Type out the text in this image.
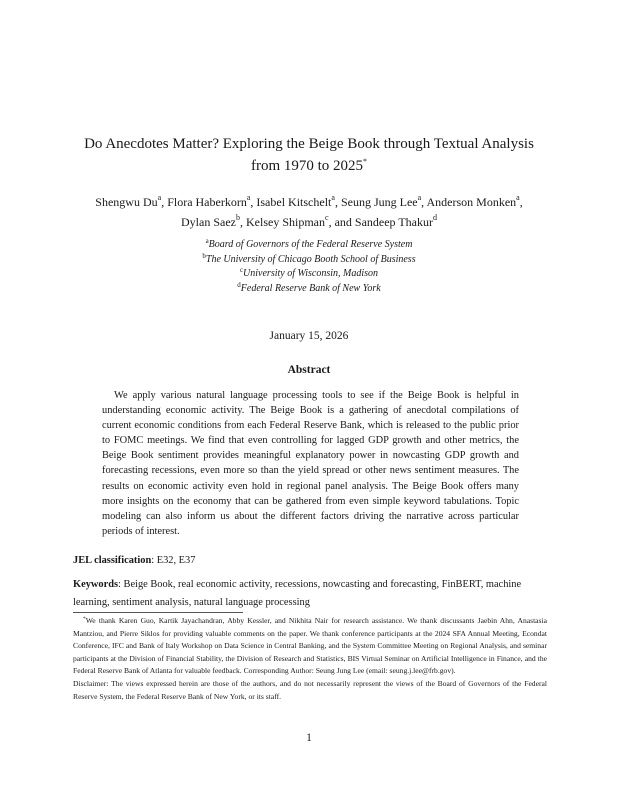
Do Anecdotes Matter? Exploring the Beige Book through Textual Analysis
from 1970 to 2025*
Shengwu Du$^a$, Flora Haberkorn$^a$, Isabel Kitschelt$^a$, Seung Jung Lee$^a$, Anderson Monken$^a$,
Dylan Saez$^b$, Kelsey Shipman$^c$, and Sandeep Thakur$^d$
$^a$Board of Governors of the Federal Reserve System
$^b$The University of Chicago Booth School of Business
$^c$University of Wisconsin, Madison
$^d$Federal Reserve Bank of New York
January 15, 2026
Abstract
We apply various natural language processing tools to see if the Beige Book is helpful in understanding economic activity. The Beige Book is a gathering of anecdotal compilations of current economic conditions from each Federal Reserve Bank, which is released to the public prior to FOMC meetings. We find that even controlling for lagged GDP growth and other metrics, the Beige Book sentiment provides meaningful explanatory power in nowcasting GDP growth and forecasting recessions, even more so than the yield spread or other news sentiment measures. The results on economic activity even hold in regional panel analysis. The Beige Book offers many more insights on the economy that can be gathered from even simple keyword tabulations. Topic modeling can also inform us about the different factors driving the narrative across particular periods of interest.
JEL classification: E32, E37
Keywords: Beige Book, real economic activity, recessions, nowcasting and forecasting, FinBERT, machine learning, sentiment analysis, natural language processing
*We thank Karen Guo, Kartik Jayachandran, Abby Kessler, and Nikhita Nair for research assistance. We thank discussants Jaebin Ahn, Anastasia Mantziou, and Pierre Siklos for providing valuable comments on the paper. We thank conference participants at the 2024 SFA Annual Meeting, Econdat Conference, IFC and Bank of Italy Workshop on Data Science in Central Banking, and the System Committee Meeting on Regional Analysis, and seminar participants at the Division of Financial Stability, the Division of Research and Statistics, BIS Virtual Seminar on Artificial Intelligence in Finance, and the Federal Reserve Bank of Atlanta for valuable feedback. Corresponding Author: Seung Jung Lee (email: seung.j.lee@frb.gov).
Disclaimer: The views expressed herein are those of the authors, and do not necessarily represent the views of the Board of Governors of the Federal Reserve System, the Federal Reserve Bank of New York, or its staff.
1
